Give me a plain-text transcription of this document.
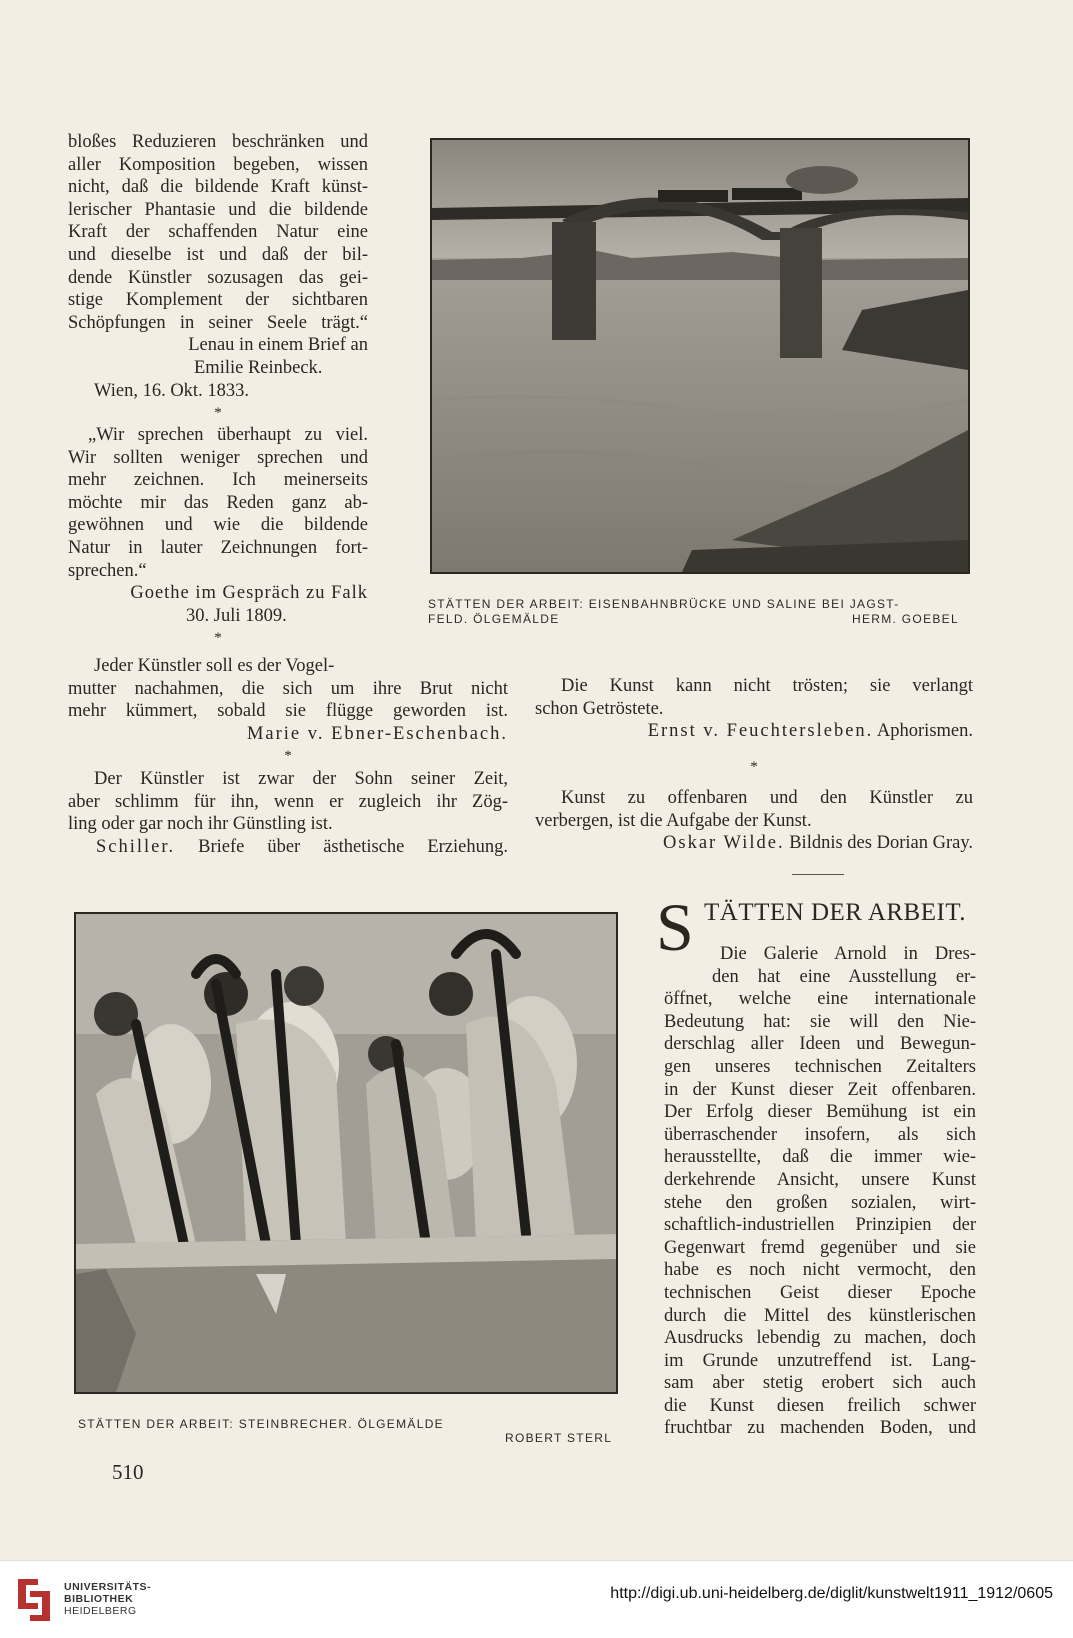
bloßes Reduzieren beschränken und
aller Komposition begeben, wissen
nicht, daß die bildende Kraft künst-
lerischer Phantasie und die bildende
Kraft der schaffenden Natur eine
und dieselbe ist und daß der bil-
dende Künstler sozusagen das gei-
stige Komplement der sichtbaren
Schöpfungen in seiner Seele trägt.“
Lenau in einem Brief an
Emilie Reinbeck.
Wien, 16. Okt. 1833.
*
„Wir sprechen überhaupt zu viel.
Wir sollten weniger sprechen und
mehr zeichnen. Ich meinerseits
möchte mir das Reden ganz ab-
gewöhnen und wie die bildende
Natur in lauter Zeichnungen fort-
sprechen.“
Goethe im Gespräch zu Falk
30. Juli 1809.
*
Jeder Künstler soll es der Vogel-
mutter nachahmen, die sich um ihre Brut nicht
mehr kümmert, sobald sie flügge geworden ist.
Marie v. Ebner-Eschenbach.
*
Der Künstler ist zwar der Sohn seiner Zeit,
aber schlimm für ihn, wenn er zugleich ihr Zög-
ling oder gar noch ihr Günstling ist.
Schiller. Briefe über ästhetische Erziehung.
STÄTTEN DER ARBEIT: EISENBAHNBRÜCKE UND SALINE BEI JAGST-
FELD. ÖLGEMÄLDE	HERM. GOEBEL
Die Kunst kann nicht trösten; sie verlangt
schon Getröstete.
Ernst v. Feuchtersleben. Aphorismen.
*
Kunst zu offenbaren und den Künstler zu
verbergen, ist die Aufgabe der Kunst.
Oskar Wilde. Bildnis des Dorian Gray.
STÄTTEN DER ARBEIT: STEINBRECHER. ÖLGEMÄLDE
ROBERT STERL
S TÄTTEN DER ARBEIT.
Die Galerie Arnold in Dres-
den hat eine Ausstellung er-
öffnet, welche eine internationale
Bedeutung hat: sie will den Nie-
derschlag aller Ideen und Bewegun-
gen unseres technischen Zeitalters
in der Kunst dieser Zeit offenbaren.
Der Erfolg dieser Bemühung ist ein
überraschender insofern, als sich
herausstellte, daß die immer wie-
derkehrende Ansicht, unsere Kunst
stehe den großen sozialen, wirt-
schaftlich-industriellen Prinzipien der
Gegenwart fremd gegenüber und sie
habe es noch nicht vermocht, den
technischen Geist dieser Epoche
durch die Mittel des künstlerischen
Ausdrucks lebendig zu machen, doch
im Grunde unzutreffend ist. Lang-
sam aber stetig erobert sich auch
die Kunst diesen freilich schwer
fruchtbar zu machenden Boden, und
510
UNIVERSITÄTS-
BIBLIOTHEK
HEIDELBERG
http://digi.ub.uni-heidelberg.de/diglit/kunstwelt1911_1912/0605
